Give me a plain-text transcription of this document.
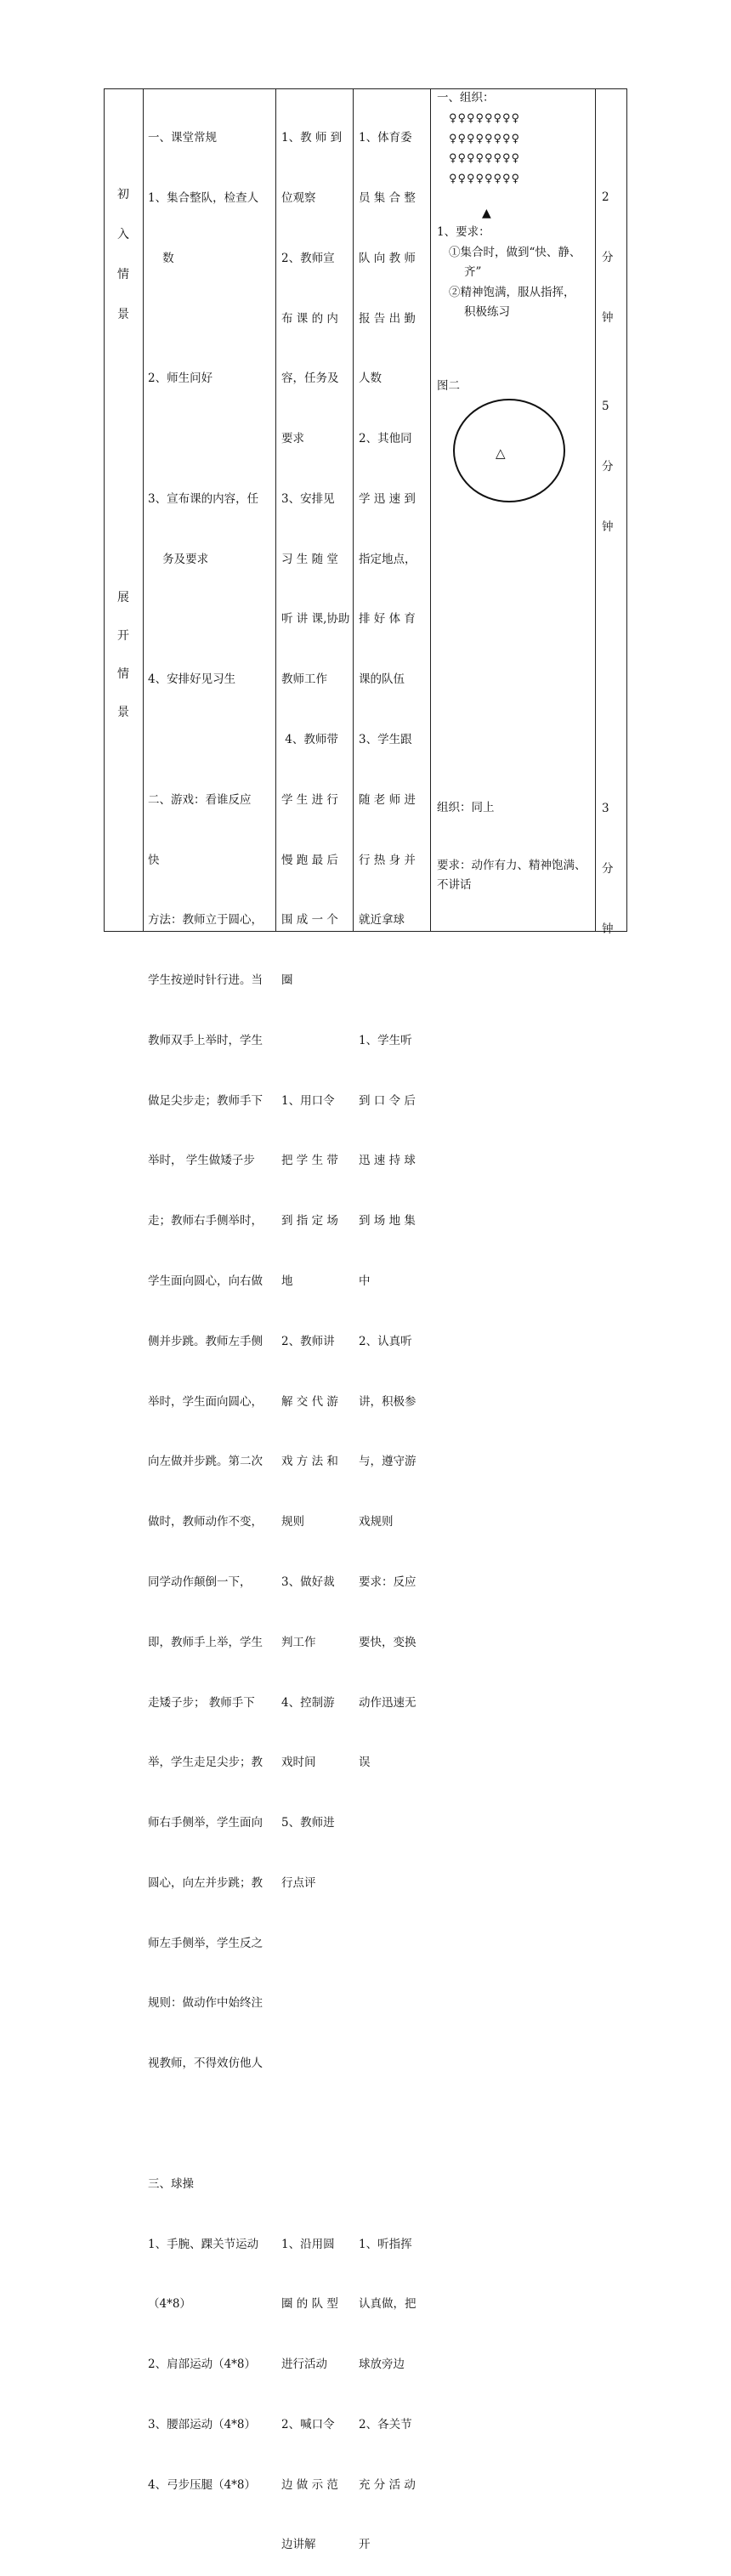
初
入
情
景
展
开
情
景

一、课堂常规

1、集合整队，检查人

数

2、师生问好

3、宣布课的内容，任

务及要求

4、安排好见习生

二、游戏：看谁反应

快

方法：教师立于圆心，

学生按逆时针行进。当

教师双手上举时，学生

做足尖步走；教师手下

举时， 学生做矮子步

走；教师右手侧举时，

学生面向圆心，向右做

侧并步跳。教师左手侧

举时，学生面向圆心，

向左做并步跳。第二次

做时，教师动作不变，

同学动作颠倒一下，

即，教师手上举，学生

走矮子步； 教师手下

举，学生走足尖步；教

师右手侧举，学生面向

圆心，向左并步跳；教

师左手侧举，学生反之

规则：做动作中始终注

视教师，不得效仿他人

三、球操

1、手腕、踝关节运动

（4*8）

2、肩部运动（4*8）

3、腰部运动（4*8）

4、弓步压腿（4*8）

1、教 师 到

位观察

2、教师宣

布 课 的 内

容，任务及

要求

3、安排见

习 生 随 堂

听 讲 课,协助

教师工作

4、教师带

学 生 进 行

慢 跑 最 后

围 成 一 个

圈

1、用口令

把 学 生 带

到 指 定 场

地

2、教师讲

解 交 代 游

戏 方 法 和

规则

3、做好裁

判工作

4、控制游

戏时间

5、教师进

行点评

1、沿用圆

圈 的 队 型

进行活动

2、喊口令

边 做 示 范

边讲解

1、体育委

员 集 合 整

队 向 教 师

报 告 出 勤

人数

2、其他同

学 迅 速 到

指定地点，

排 好 体 育

课的队伍

3、学生跟

随 老 师 进

行 热 身 并

就近拿球

1、学生听

到 口 令 后

迅 速 持 球

到 场 地 集

中

2、认真听

讲，积极参

与，遵守游

戏规则

要求：反应

要快，变换

动作迅速无

误

1、听指挥

认真做，把

球放旁边

2、各关节

充 分 活 动

开

一、组织：
♀♀♀♀♀♀♀♀
♀♀♀♀♀♀♀♀
♀♀♀♀♀♀♀♀
♀♀♀♀♀♀♀♀
▲
1、要求：
①集合时，做到“快、静、
齐”
②精神饱满，服从指挥，
积极练习
图二
△
组织：同上
要求：动作有力、精神饱满、
不讲话

2

分

钟

5

分

钟

3

分

钟
